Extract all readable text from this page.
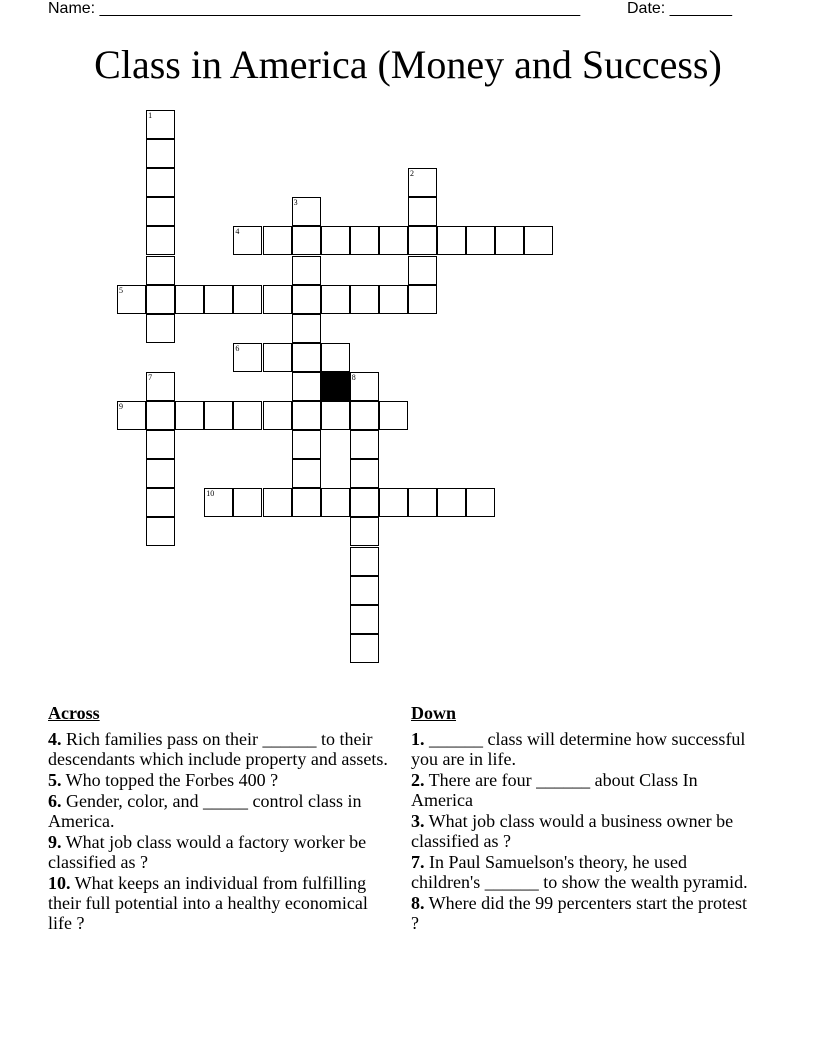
Name: ______________________________________________________	Date: _______
Class in America (Money and Success)
1
2
3
4
5
6
8
7
9
10
Across
4. Rich families pass on their ______ to their descendants which include property and assets.
5. Who topped the Forbes 400 ?
6. Gender, color, and _____ control class in America.
9. What job class would a factory worker be classified as ?
10. What keeps an individual from fulfilling their full potential into a healthy economical life ?
Down
1. ______ class will determine how successful you are in life.
2. There are four ______ about Class In America
3. What job class would a business owner be classified as ?
7. In Paul Samuelson's theory, he used children's ______ to show the wealth pyramid.
8. Where did the 99 percenters start the protest ?
